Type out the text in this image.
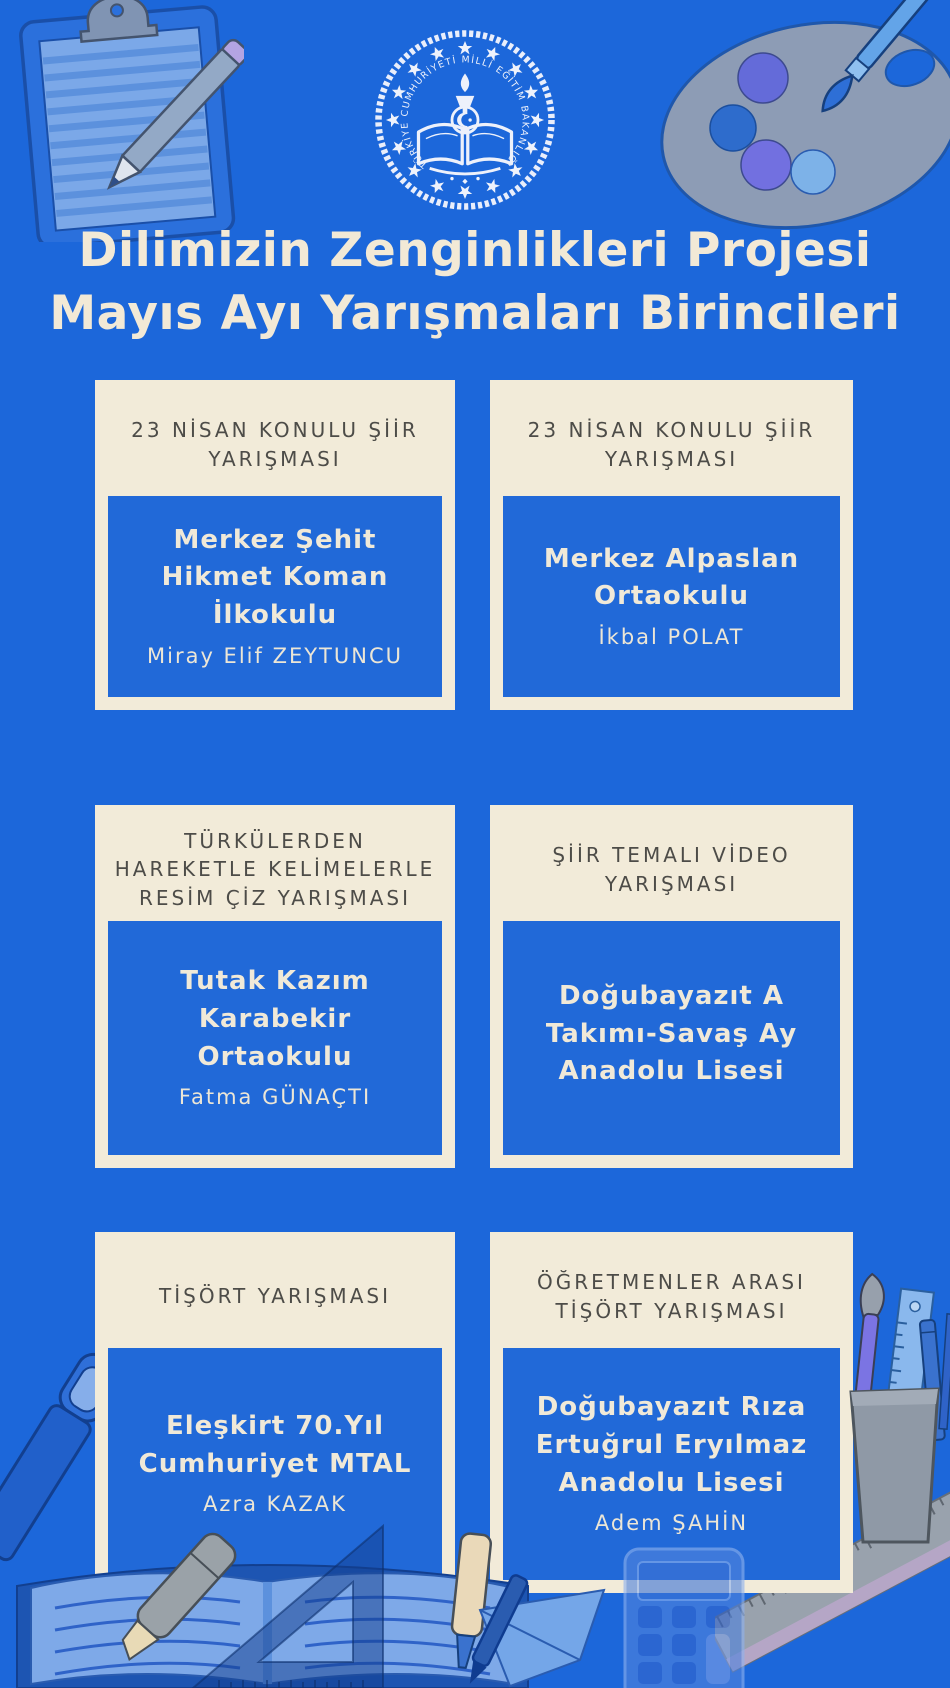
TÜRKİYE CUMHURİYETİ MİLLİ EĞİTİM BAKANLIĞI
Dilimizin Zenginlikleri Projesi
Mayıs Ayı Yarışmaları Birincileri
23 NİSAN KONULU ŞİİR YARIŞMASI
Merkez Şehit Hikmet Koman İlkokulu
Miray Elif ZEYTUNCU
23 NİSAN KONULU ŞİİR YARIŞMASI
Merkez Alpaslan Ortaokulu
İkbal POLAT
TÜRKÜLERDEN HAREKETLE KELİMELERLE RESİM ÇİZ YARIŞMASI
Tutak Kazım Karabekir Ortaokulu
Fatma GÜNAÇTI
ŞİİR TEMALI VİDEO YARIŞMASI
Doğubayazıt A Takımı-Savaş Ay Anadolu Lisesi
TİŞÖRT YARIŞMASI
Eleşkirt 70.Yıl Cumhuriyet MTAL
Azra KAZAK
ÖĞRETMENLER ARASI TİŞÖRT YARIŞMASI
Doğubayazıt Rıza Ertuğrul Eryılmaz Anadolu Lisesi
Adem ŞAHİN
